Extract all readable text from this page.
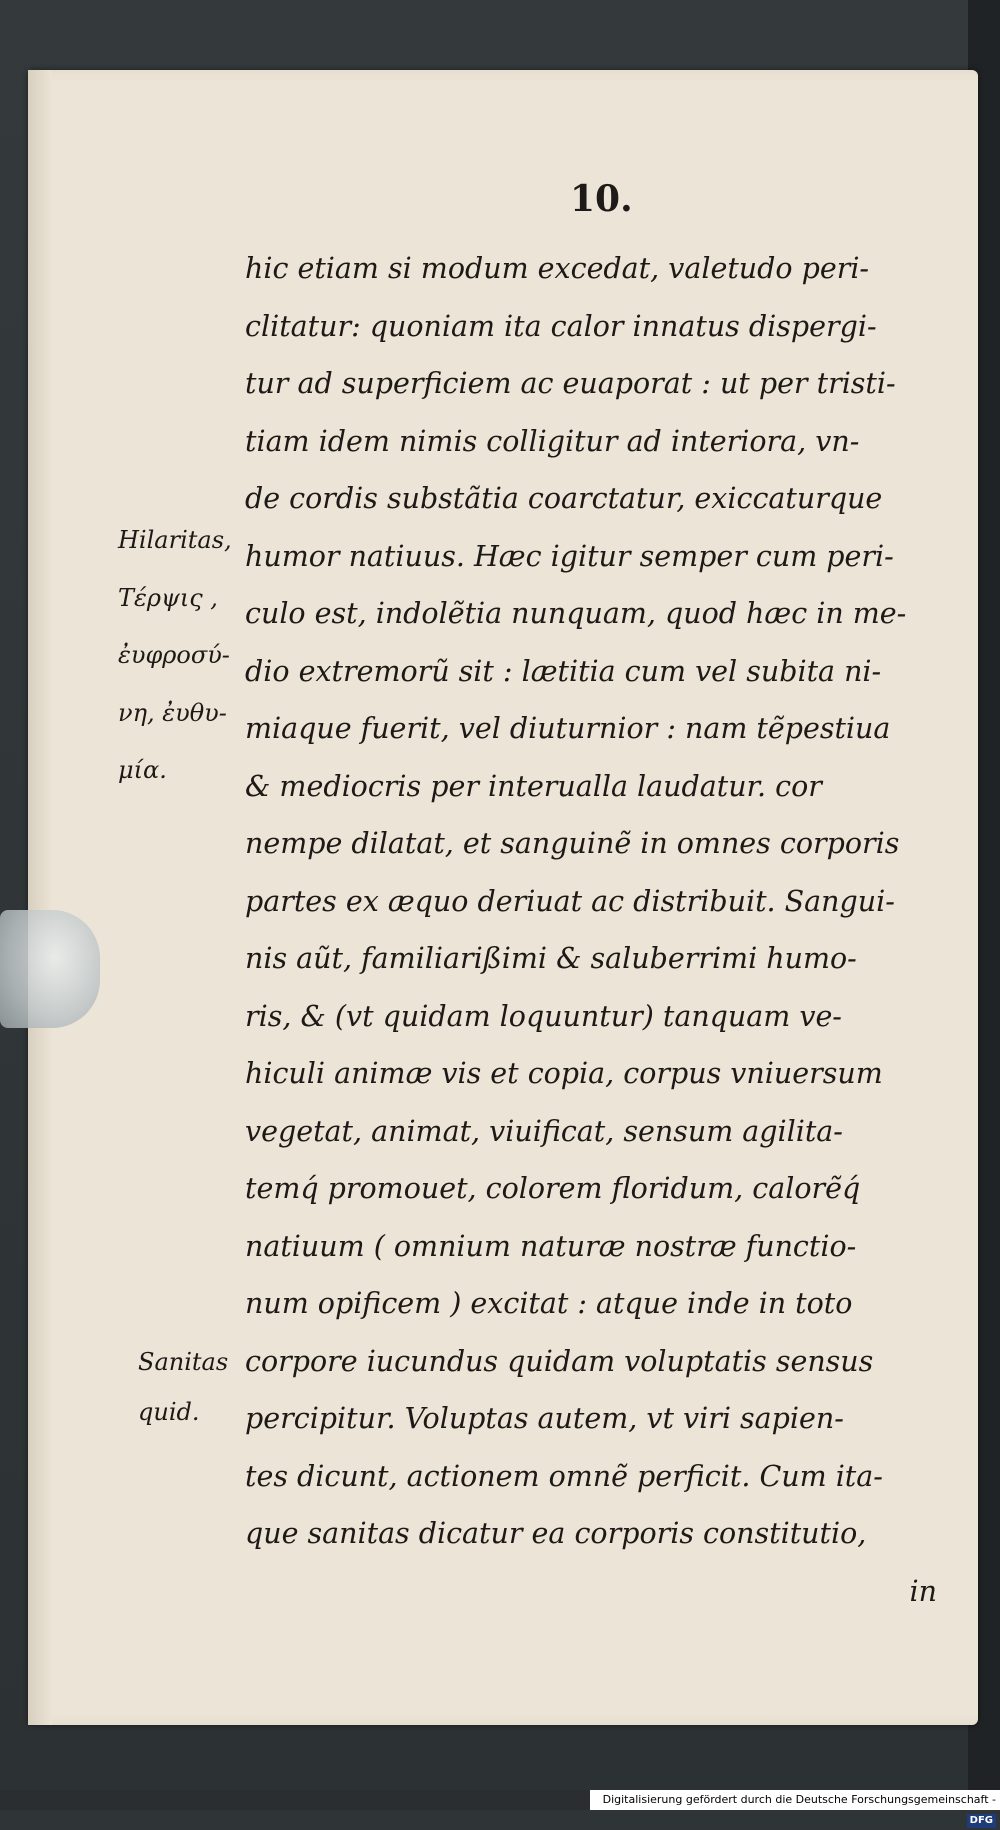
10.
hic etiam si modum excedat, valetudo peri-
clitatur: quoniam ita calor innatus dispergi-
tur ad superficiem ac euaporat : ut per tristi-
tiam idem nimis colligitur ad interiora, vn-
de cordis substãtia coarctatur, exiccaturque
humor natiuus. Hæc igitur semper cum peri-
culo est, indolẽtia nunquam, quod hæc in me-
dio extremorũ sit : lætitia cum vel subita ni-
miaque fuerit, vel diuturnior : nam tẽpestiua
& mediocris per interualla laudatur. cor
nempe dilatat, et sanguinẽ in omnes corporis
partes ex æquo deriuat ac distribuit. Sangui-
nis aũt, familiarißimi & saluberrimi humo-
ris, & (vt quidam loquuntur) tanquam ve-
hiculi animæ vis et copia, corpus vniuersum
vegetat, animat, viuificat, sensum agilita-
temq́ promouet, colorem floridum, calorẽq́
natiuum ( omnium naturæ nostræ functio-
num opificem ) excitat : atque inde in toto
corpore iucundus quidam voluptatis sensus
percipitur. Voluptas autem, vt viri sapien-
tes dicunt, actionem omnẽ perficit. Cum ita-
que sanitas dicatur ea corporis constitutio,
in
Hilaritas,
Τέρψις ,
ἐυφροσύ-
νη, ἐυθυ-
μία.
Sanitas
quid.
Digitalisierung gefördert durch die Deutsche Forschungsgemeinschaft -DFG
